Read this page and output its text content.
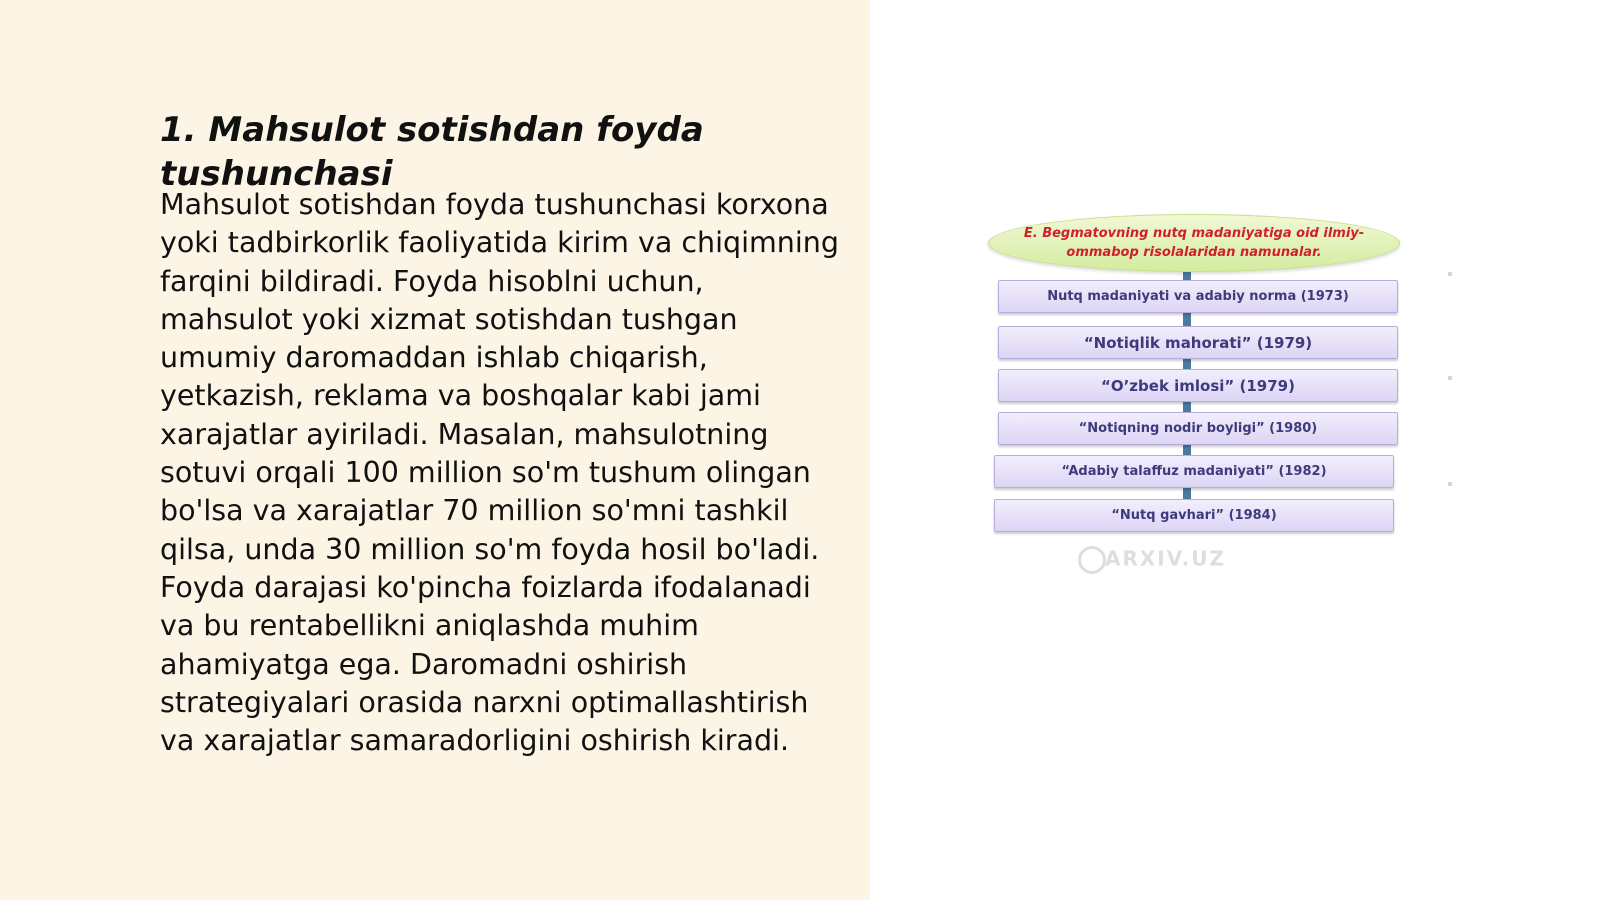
1. Mahsulot sotishdan foyda tushunchasi

Mahsulot sotishdan foyda tushunchasi korxona yoki tadbirkorlik faoliyatida kirim va chiqimning farqini bildiradi. Foyda hisoblni uchun, mahsulot yoki xizmat sotishdan tushgan umumiy daromaddan ishlab chiqarish, yetkazish, reklama va boshqalar kabi jami xarajatlar ayiriladi. Masalan, mahsulotning sotuvi orqali 100 million so'm tushum olingan bo'lsa va xarajatlar 70 million so'mni tashkil qilsa, unda 30 million so'm foyda hosil bo'ladi. Foyda darajasi ko'pincha foizlarda ifodalanadi va bu rentabellikni aniqlashda muhim ahamiyatga ega. Daromadni oshirish strategiyalari orasida narxni optimallashtirish va xarajatlar samaradorligini oshirish kiradi.

E. Begmatovning nutq madaniyatiga oid ilmiy-ommabop risolalaridan namunalar.
Nutq madaniyati va adabiy norma (1973)
“Notiqlik mahorati” (1979)
“O’zbek imlosi” (1979)
“Notiqning nodir boyligi” (1980)
“Adabiy talaffuz madaniyati” (1982)
“Nutq gavhari” (1984)
ARXIV.UZ
